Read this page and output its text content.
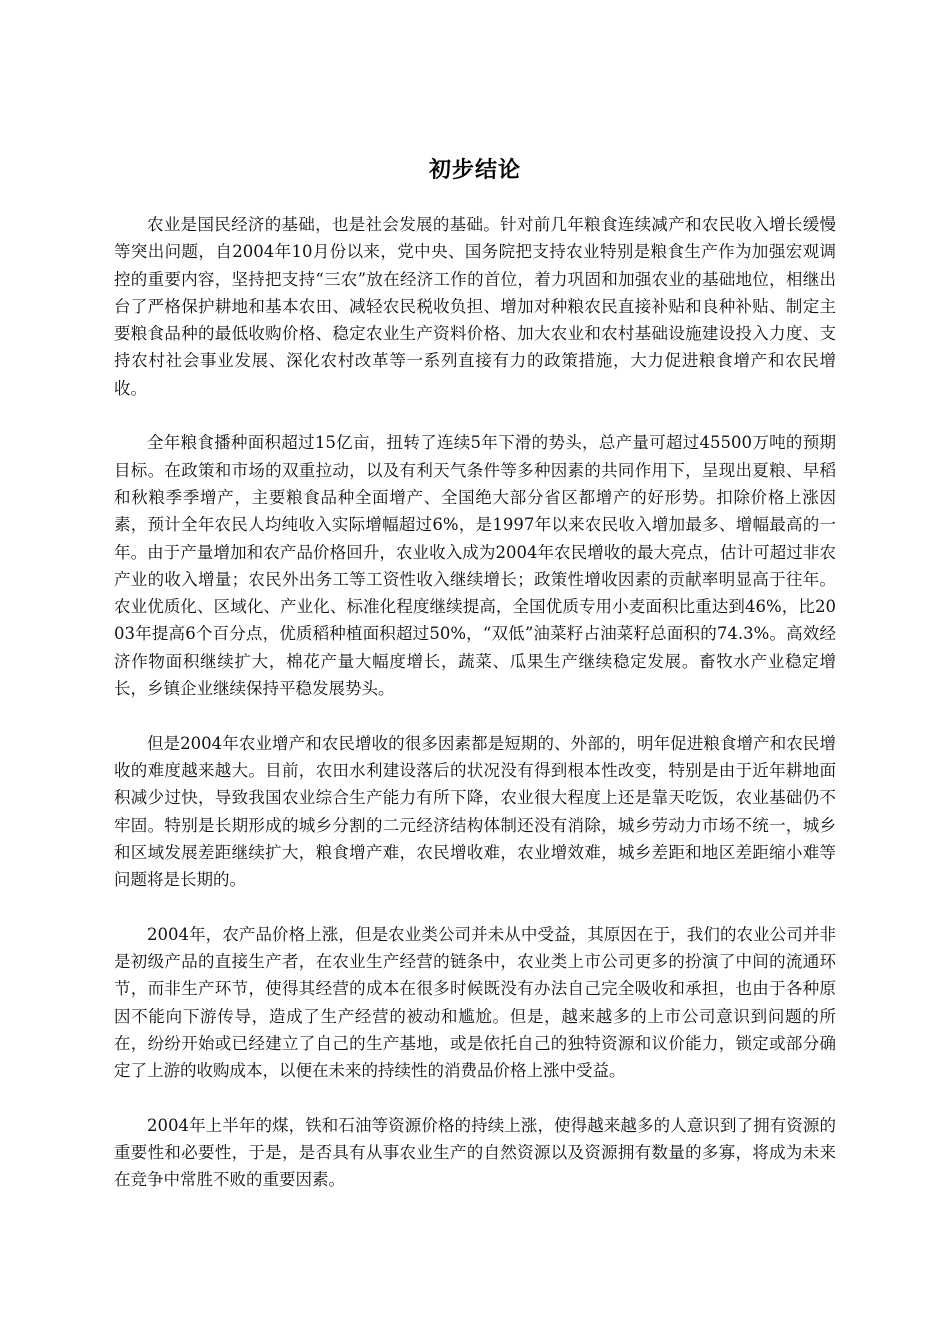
初步结论

农业是国民经济的基础，也是社会发展的基础。针对前几年粮食连续减产和农民收入增长缓慢等突出问题，自2004年10月份以来，党中央、国务院把支持农业特别是粮食生产作为加强宏观调控的重要内容，坚持把支持“三农”放在经济工作的首位，着力巩固和加强农业的基础地位，相继出台了严格保护耕地和基本农田、减轻农民税收负担、增加对种粮农民直接补贴和良种补贴、制定主要粮食品种的最低收购价格、稳定农业生产资料价格、加大农业和农村基础设施建设投入力度、支持农村社会事业发展、深化农村改革等一系列直接有力的政策措施，大力促进粮食增产和农民增收。

全年粮食播种面积超过15亿亩，扭转了连续5年下滑的势头，总产量可超过45500万吨的预期目标。在政策和市场的双重拉动，以及有利天气条件等多种因素的共同作用下，呈现出夏粮、早稻和秋粮季季增产，主要粮食品种全面增产、全国绝大部分省区都增产的好形势。扣除价格上涨因素，预计全年农民人均纯收入实际增幅超过6%，是1997年以来农民收入增加最多、增幅最高的一年。由于产量增加和农产品价格回升，农业收入成为2004年农民增收的最大亮点，估计可超过非农产业的收入增量；农民外出务工等工资性收入继续增长；政策性增收因素的贡献率明显高于往年。农业优质化、区域化、产业化、标准化程度继续提高，全国优质专用小麦面积比重达到46%，比2003年提高6个百分点，优质稻种植面积超过50%，“双低”油菜籽占油菜籽总面积的74.3%。高效经济作物面积继续扩大，棉花产量大幅度增长，蔬菜、瓜果生产继续稳定发展。畜牧水产业稳定增长，乡镇企业继续保持平稳发展势头。

但是2004年农业增产和农民增收的很多因素都是短期的、外部的，明年促进粮食增产和农民增收的难度越来越大。目前，农田水利建设落后的状况没有得到根本性改变，特别是由于近年耕地面积减少过快，导致我国农业综合生产能力有所下降，农业很大程度上还是靠天吃饭，农业基础仍不牢固。特别是长期形成的城乡分割的二元经济结构体制还没有消除，城乡劳动力市场不统一，城乡和区域发展差距继续扩大，粮食增产难，农民增收难，农业增效难，城乡差距和地区差距缩小难等问题将是长期的。

2004年，农产品价格上涨，但是农业类公司并未从中受益，其原因在于，我们的农业公司并非是初级产品的直接生产者，在农业生产经营的链条中，农业类上市公司更多的扮演了中间的流通环节，而非生产环节，使得其经营的成本在很多时候既没有办法自己完全吸收和承担，也由于各种原因不能向下游传导，造成了生产经营的被动和尴尬。但是，越来越多的上市公司意识到问题的所在，纷纷开始或已经建立了自己的生产基地，或是依托自己的独特资源和议价能力，锁定或部分确定了上游的收购成本，以便在未来的持续性的消费品价格上涨中受益。

2004年上半年的煤，铁和石油等资源价格的持续上涨，使得越来越多的人意识到了拥有资源的重要性和必要性，于是，是否具有从事农业生产的自然资源以及资源拥有数量的多寡，将成为未来在竞争中常胜不败的重要因素。
